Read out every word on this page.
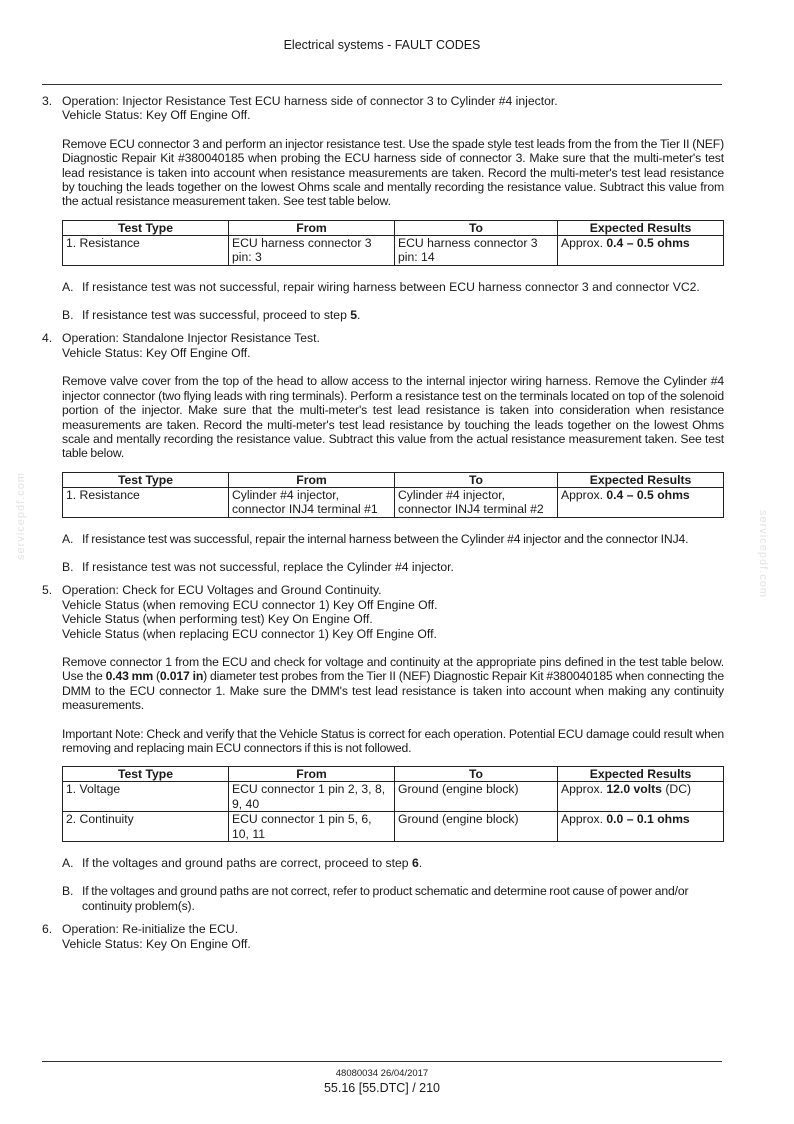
Electrical systems - FAULT CODES
servicepdf.com	servicepdf.com
3. Operation: Injector Resistance Test ECU harness side of connector 3 to Cylinder #4 injector.

Vehicle Status: Key Off Engine Off.

Remove ECU connector 3 and perform an injector resistance test. Use the spade style test leads from the from the Tier II (NEF) Diagnostic Repair Kit #380040185 when probing the ECU harness side of connector 3. Make sure that the multi-meter's test lead resistance is taken into account when resistance measurements are taken. Record the multi-meter's test lead resistance by touching the leads together on the lowest Ohms scale and mentally recording the resistance value. Subtract this value from the actual resistance measurement taken. See test table below.

Test Type	From	To	Expected Results
1. Resistance	ECU harness connector 3 pin: 3	ECU harness connector 3 pin: 14	Approx. 0.4 – 0.5 ohms
A. If resistance test was not successful, repair wiring harness between ECU harness connector 3 and connector VC2.
B. If resistance test was successful, proceed to step 5.
4. Operation: Standalone Injector Resistance Test.

Vehicle Status: Key Off Engine Off.

Remove valve cover from the top of the head to allow access to the internal injector wiring harness. Remove the Cylinder #4 injector connector (two flying leads with ring terminals). Perform a resistance test on the terminals located on top of the solenoid portion of the injector. Make sure that the multi-meter's test lead resistance is taken into consideration when resistance measurements are taken. Record the multi-meter's test lead resistance by touching the leads together on the lowest Ohms scale and mentally recording the resistance value. Subtract this value from the actual resistance measurement taken. See test table below.

Test Type	From	To	Expected Results
1. Resistance	Cylinder #4 injector, connector INJ4 terminal #1	Cylinder #4 injector, connector INJ4 terminal #2	Approx. 0.4 – 0.5 ohms
A. If resistance test was successful, repair the internal harness between the Cylinder #4 injector and the connector INJ4.
B. If resistance test was not successful, replace the Cylinder #4 injector.
5. Operation: Check for ECU Voltages and Ground Continuity.

Vehicle Status (when removing ECU connector 1) Key Off Engine Off.

Vehicle Status (when performing test) Key On Engine Off.

Vehicle Status (when replacing ECU connector 1) Key Off Engine Off.

Remove connector 1 from the ECU and check for voltage and continuity at the appropriate pins defined in the test table below. Use the 0.43 mm (0.017 in) diameter test probes from the Tier II (NEF) Diagnostic Repair Kit #380040185 when connecting the DMM to the ECU connector 1. Make sure the DMM's test lead resistance is taken into account when making any continuity measurements.

Important Note: Check and verify that the Vehicle Status is correct for each operation. Potential ECU damage could result when removing and replacing main ECU connectors if this is not followed.

Test Type	From	To	Expected Results
1. Voltage	ECU connector 1 pin 2, 3, 8, 9, 40	Ground (engine block)	Approx. 12.0 volts (DC)
2. Continuity	ECU connector 1 pin 5, 6, 10, 11	Ground (engine block)	Approx. 0.0 – 0.1 ohms
A. If the voltages and ground paths are correct, proceed to step 6.
B. If the voltages and ground paths are not correct, refer to product schematic and determine root cause of power and/or continuity problem(s).
6. Operation: Re-initialize the ECU.

Vehicle Status: Key On Engine Off.

48080034 26/04/2017
55.16 [55.DTC] / 210
